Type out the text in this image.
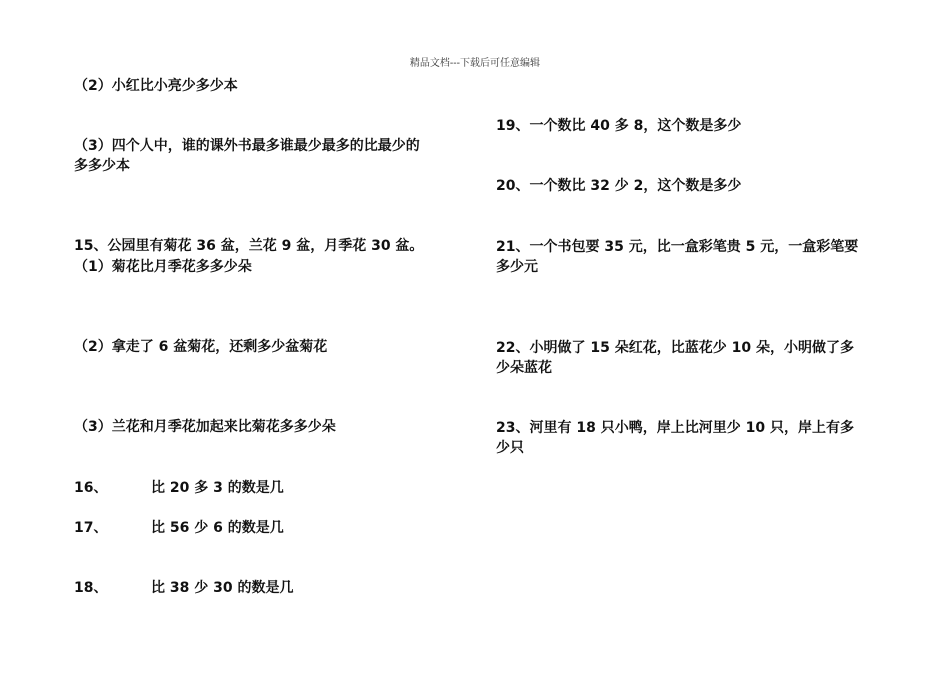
精品文档---下载后可任意编辑
（2）小红比小亮少多少本
（3）四个人中，谁的课外书最多谁最少最多的比最少的
多多少本
15、公园里有菊花 36 盆，兰花 9 盆，月季花 30 盆。
（1）菊花比月季花多多少朵
（2）拿走了 6 盆菊花，还剩多少盆菊花
（3）兰花和月季花加起来比菊花多多少朵
16、	比 20 多 3 的数是几
17、	比 56 少 6 的数是几
18、	比 38 少 30 的数是几
19、一个数比 40 多 8，这个数是多少
20、一个数比 32 少 2，这个数是多少
21、一个书包要 35 元，比一盒彩笔贵 5 元，一盒彩笔要
多少元
22、小明做了 15 朵红花，比蓝花少 10 朵，小明做了多
少朵蓝花
23、河里有 18 只小鸭，岸上比河里少 10 只，岸上有多
少只
